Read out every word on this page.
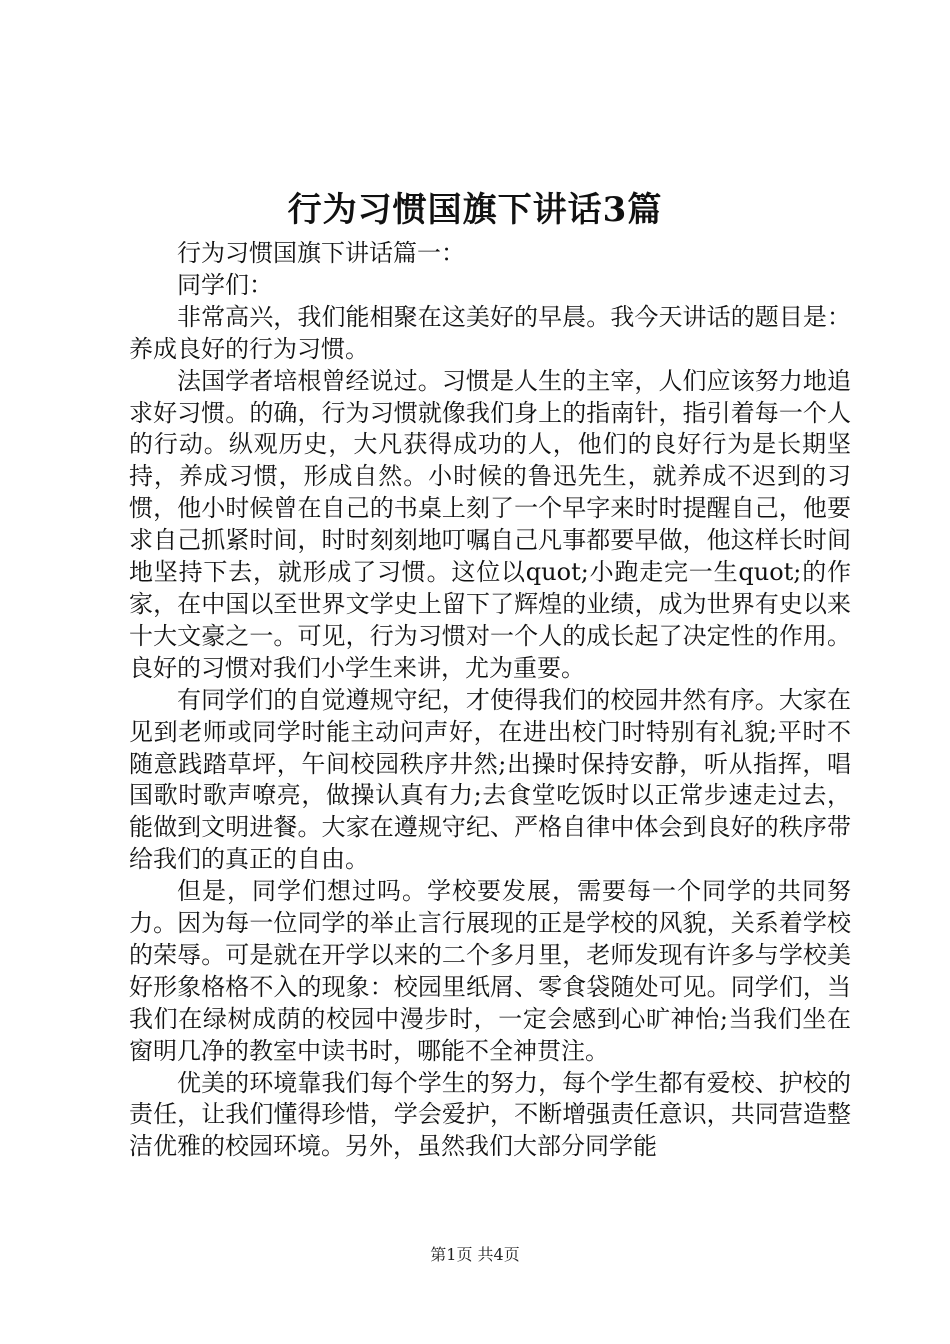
行为习惯国旗下讲话3篇

行为习惯国旗下讲话篇一：

同学们：

非常高兴，我们能相聚在这美好的早晨。我今天讲话的题目是：养成良好的行为习惯。

法国学者培根曾经说过。习惯是人生的主宰，人们应该努力地追求好习惯。的确，行为习惯就像我们身上的指南针，指引着每一个人的行动。纵观历史，大凡获得成功的人，他们的良好行为是长期坚持，养成习惯，形成自然。小时候的鲁迅先生，就养成不迟到的习惯，他小时候曾在自己的书桌上刻了一个早字来时时提醒自己，他要求自己抓紧时间，时时刻刻地叮嘱自己凡事都要早做，他这样长时间地坚持下去，就形成了习惯。这位以quot;小跑走完一生quot;的作家，在中国以至世界文学史上留下了辉煌的业绩，成为世界有史以来十大文豪之一。可见，行为习惯对一个人的成长起了决定性的作用。良好的习惯对我们小学生来讲，尤为重要。

有同学们的自觉遵规守纪，才使得我们的校园井然有序。大家在见到老师或同学时能主动问声好，在进出校门时特别有礼貌;平时不随意践踏草坪，午间校园秩序井然;出操时保持安静，听从指挥，唱国歌时歌声嘹亮，做操认真有力;去食堂吃饭时以正常步速走过去，能做到文明进餐。大家在遵规守纪、严格自律中体会到良好的秩序带给我们的真正的自由。

但是，同学们想过吗。学校要发展，需要每一个同学的共同努力。因为每一位同学的举止言行展现的正是学校的风貌，关系着学校的荣辱。可是就在开学以来的二个多月里，老师发现有许多与学校美好形象格格不入的现象：校园里纸屑、零食袋随处可见。同学们，当我们在绿树成荫的校园中漫步时，一定会感到心旷神怡;当我们坐在窗明几净的教室中读书时，哪能不全神贯注。

优美的环境靠我们每个学生的努力，每个学生都有爱校、护校的责任，让我们懂得珍惜，学会爱护，不断增强责任意识，共同营造整洁优雅的校园环境。另外，虽然我们大部分同学能

第1页 共4页
